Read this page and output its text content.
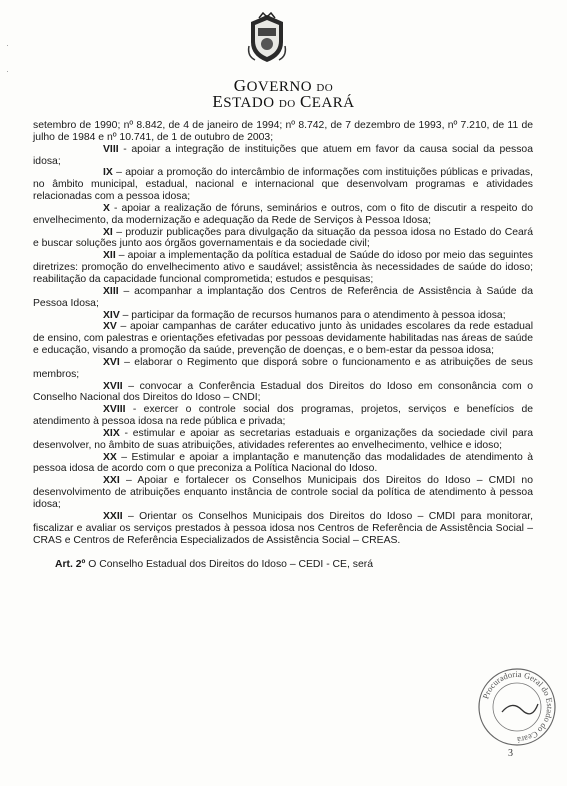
GOVERNO DO
ESTADO DO CEARÁ

setembro de 1990; nº 8.842, de 4 de janeiro de 1994; nº 8.742, de 7 dezembro de 1993, nº 7.210, de 11 de julho de 1984 e nº 10.741, de 1 de outubro de 2003;

VIII - apoiar a integração de instituições que atuem em favor da causa social da pessoa idosa;

IX – apoiar a promoção do intercâmbio de informações com instituições públicas e privadas, no âmbito municipal, estadual, nacional e internacional que desenvolvam programas e atividades relacionadas com a pessoa idosa;

X - apoiar a realização de fóruns, seminários e outros, com o fito de discutir a respeito do envelhecimento, da modernização e adequação da Rede de Serviços à Pessoa Idosa;

XI – produzir publicações para divulgação da situação da pessoa idosa no Estado do Ceará e buscar soluções junto aos órgãos governamentais e da sociedade civil;

XII – apoiar a implementação da política estadual de Saúde do idoso por meio das seguintes diretrizes: promoção do envelhecimento ativo e saudável; assistência às necessidades de saúde do idoso; reabilitação da capacidade funcional comprometida; estudos e pesquisas;

XIII – acompanhar a implantação dos Centros de Referência de Assistência à Saúde da Pessoa Idosa;

XIV – participar da formação de recursos humanos para o atendimento à pessoa idosa;

XV – apoiar campanhas de caráter educativo junto às unidades escolares da rede estadual de ensino, com palestras e orientações efetivadas por pessoas devidamente habilitadas nas áreas de saúde e educação, visando a promoção da saúde, prevenção de doenças, e o bem-estar da pessoa idosa;

XVI – elaborar o Regimento que disporá sobre o funcionamento e as atribuições de seus membros;

XVII – convocar a Conferência Estadual dos Direitos do Idoso em consonância com o Conselho Nacional dos Direitos do Idoso – CNDI;

XVIII - exercer o controle social dos programas, projetos, serviços e benefícios de atendimento à pessoa idosa na rede pública e privada;

XIX - estimular e apoiar as secretarias estaduais e organizações da sociedade civil para desenvolver, no âmbito de suas atribuições, atividades referentes ao envelhecimento, velhice e idoso;

XX – Estimular e apoiar a implantação e manutenção das modalidades de atendimento à pessoa idosa de acordo com o que preconiza a Política Nacional do Idoso.

XXI – Apoiar e fortalecer os Conselhos Municipais dos Direitos do Idoso – CMDI no desenvolvimento de atribuições enquanto instância de controle social da política de atendimento à pessoa idosa;

XXII – Orientar os Conselhos Municipais dos Direitos do Idoso – CMDI para monitorar, fiscalizar e avaliar os serviços prestados à pessoa idosa nos Centros de Referência de Assistência Social – CRAS e Centros de Referência Especializados de Assistência Social – CREAS.

Art. 2º O Conselho Estadual dos Direitos do Idoso – CEDI - CE, será

Procuradoria Geral do Estado do Ceará
3
·
·
